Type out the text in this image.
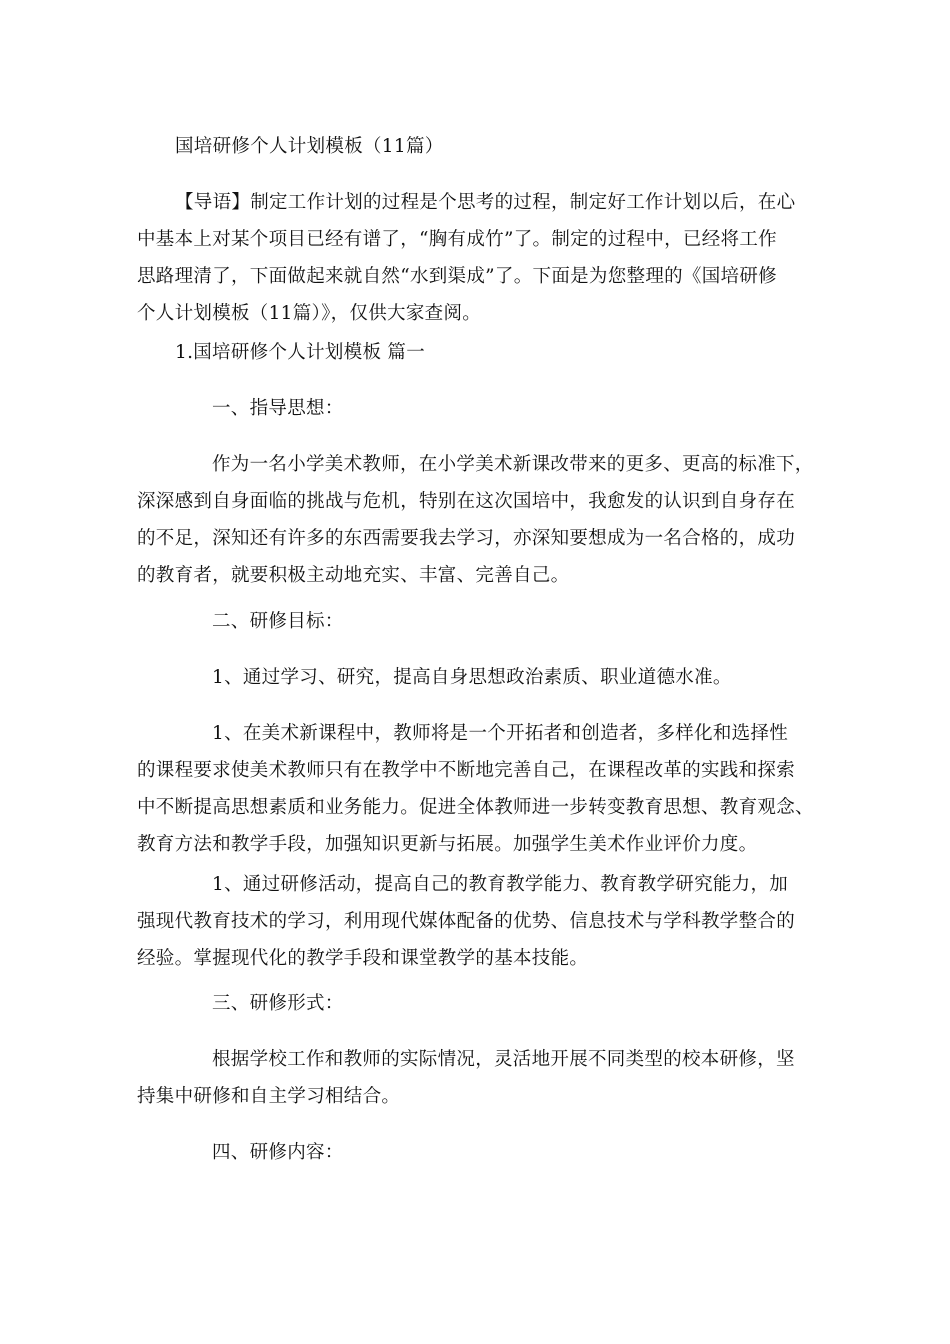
国培研修个人计划模板（11篇）

【导语】制定工作计划的过程是个思考的过程，制定好工作计划以后，在心
中基本上对某个项目已经有谱了，“胸有成竹”了。制定的过程中，已经将工作
思路理清了，下面做起来就自然“水到渠成”了。下面是为您整理的《国培研修
个人计划模板（11篇）》，仅供大家查阅。

1.国培研修个人计划模板 篇一

一、指导思想：

作为一名小学美术教师，在小学美术新课改带来的更多、更高的标准下，
深深感到自身面临的挑战与危机，特别在这次国培中，我愈发的认识到自身存在
的不足，深知还有许多的东西需要我去学习，亦深知要想成为一名合格的，成功
的教育者，就要积极主动地充实、丰富、完善自己。

二、研修目标：

1、通过学习、研究，提高自身思想政治素质、职业道德水准。

1、在美术新课程中，教师将是一个开拓者和创造者，多样化和选择性
的课程要求使美术教师只有在教学中不断地完善自己，在课程改革的实践和探索
中不断提高思想素质和业务能力。促进全体教师进一步转变教育思想、教育观念、
教育方法和教学手段，加强知识更新与拓展。加强学生美术作业评价力度。

1、通过研修活动，提高自己的教育教学能力、教育教学研究能力，加
强现代教育技术的学习，利用现代媒体配备的优势、信息技术与学科教学整合的
经验。掌握现代化的教学手段和课堂教学的基本技能。

三、研修形式：

根据学校工作和教师的实际情况，灵活地开展不同类型的校本研修，坚
持集中研修和自主学习相结合。

四、研修内容：
